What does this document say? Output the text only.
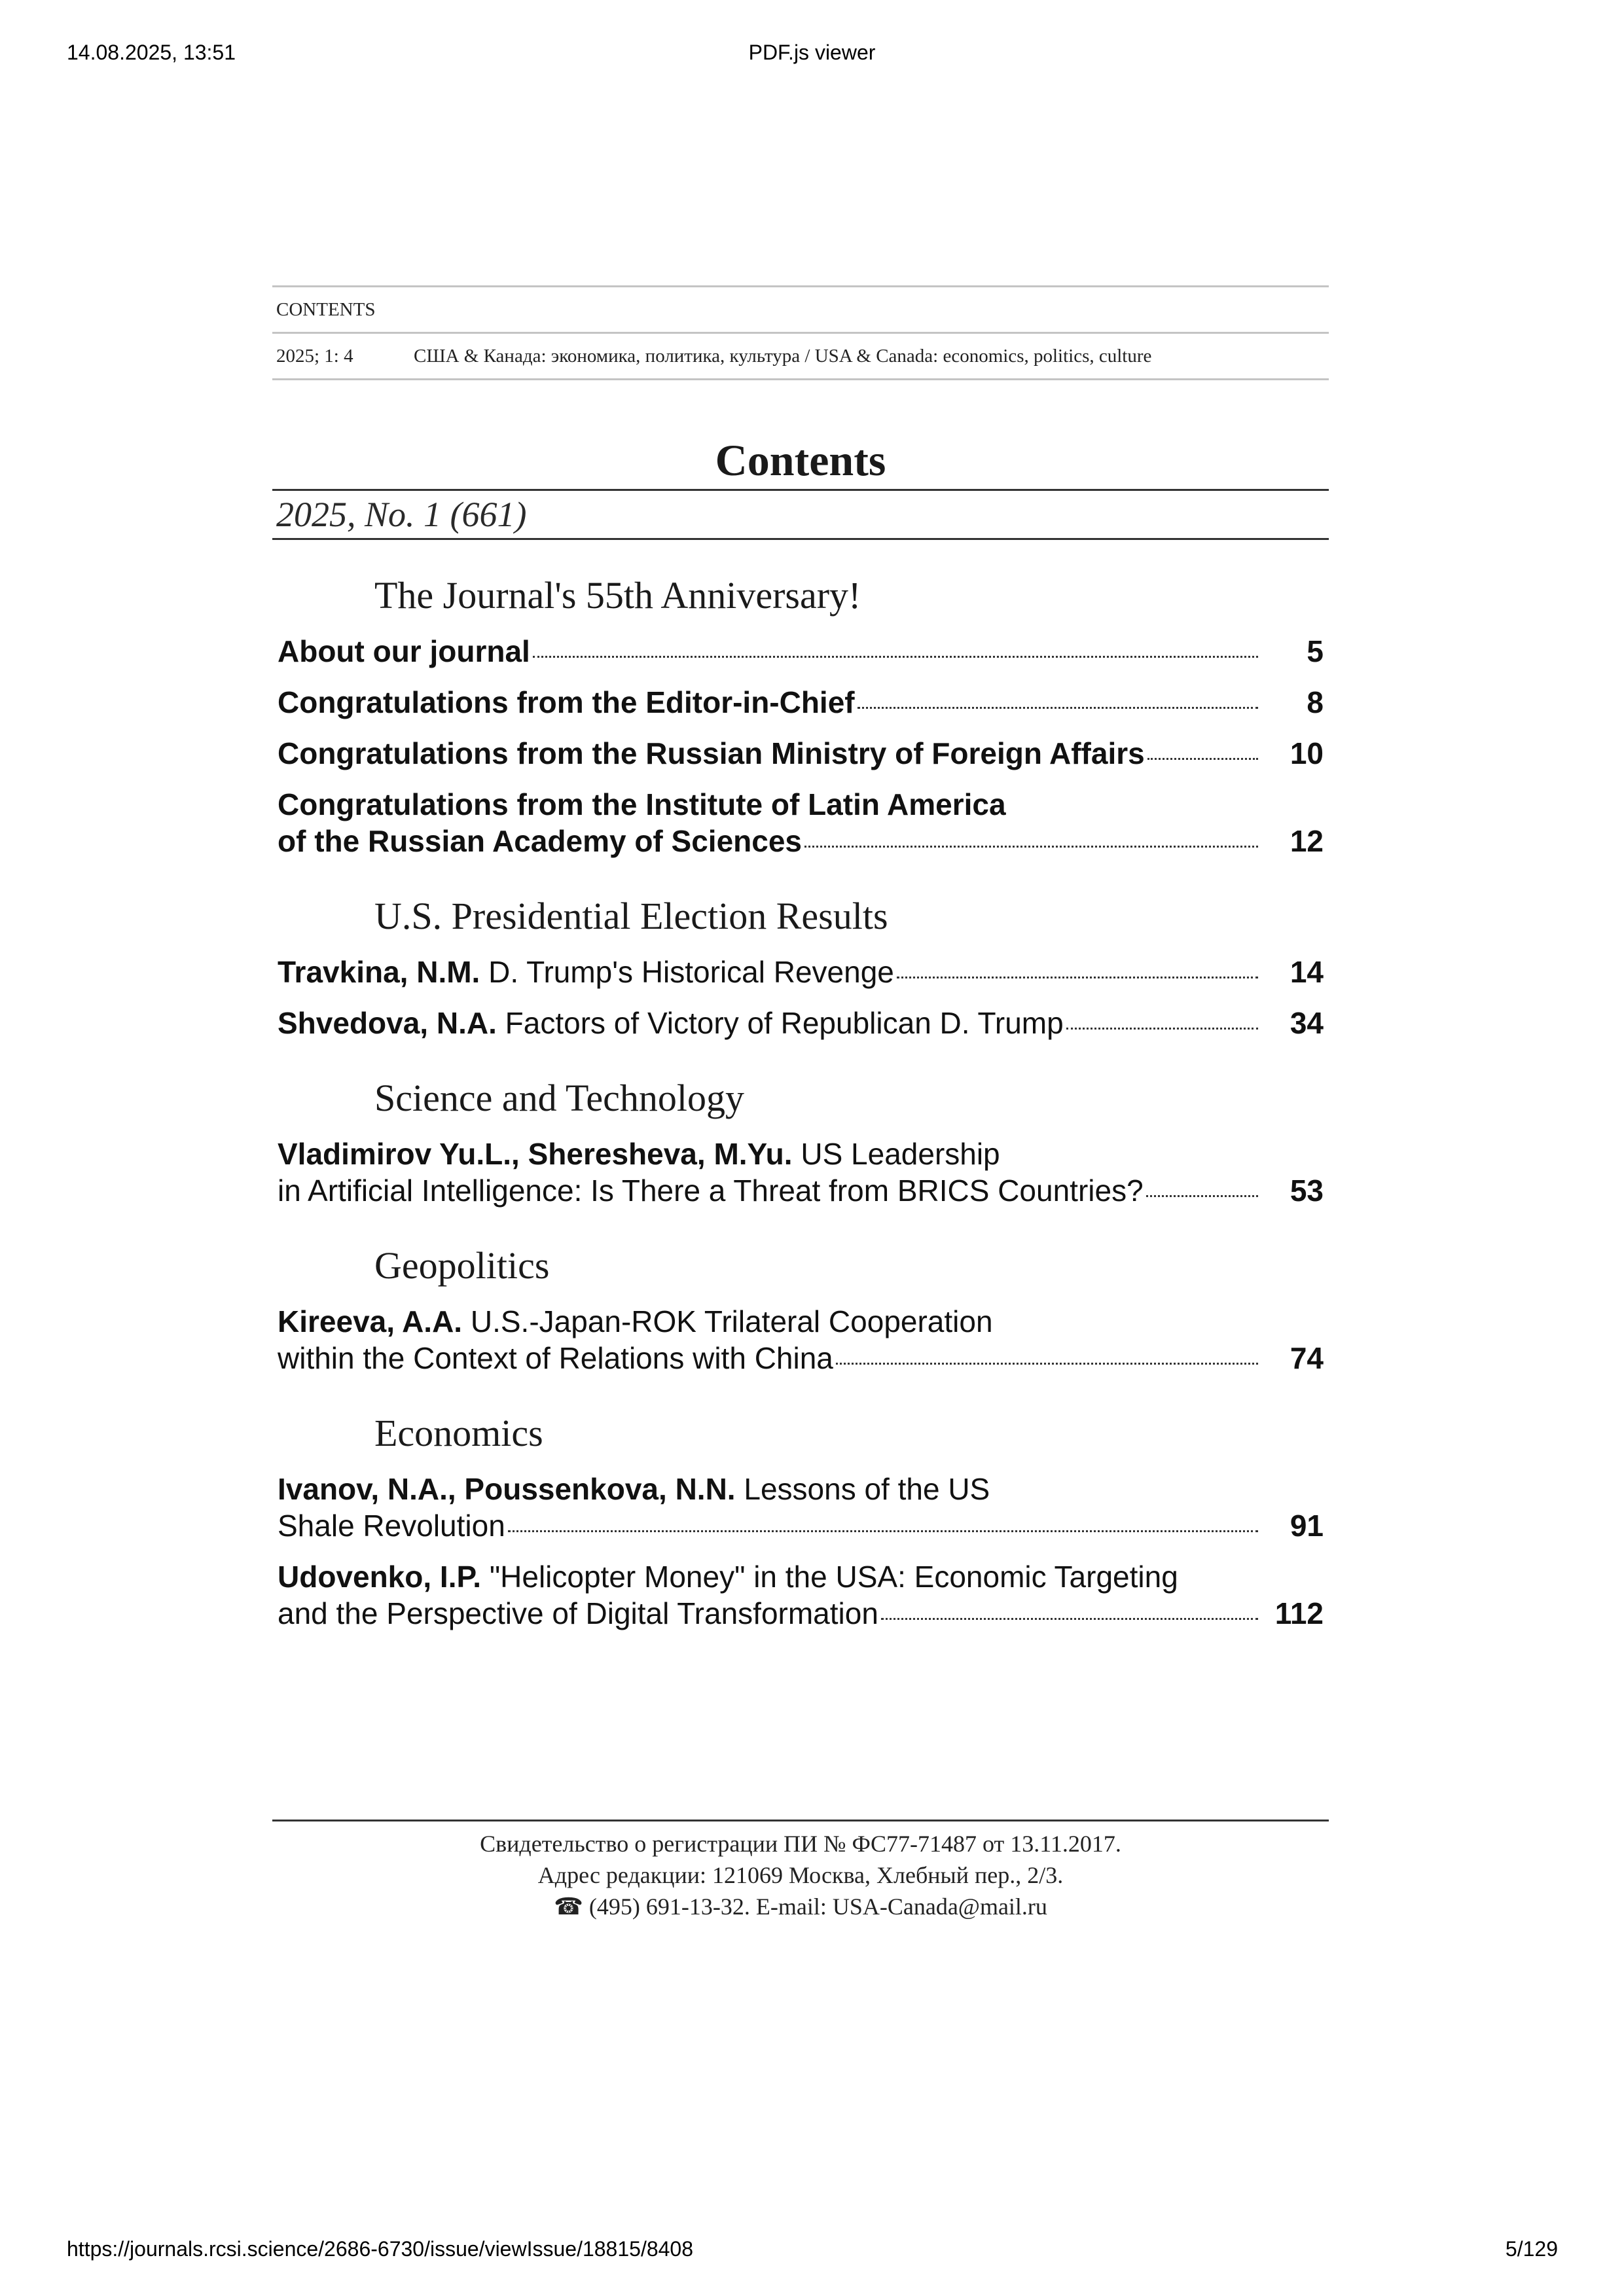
14.08.2025, 13:51	PDF.js viewer
CONTENTS
2025; 1: 4	США & Канада: экономика, политика, культура / USA & Canada: economics, politics, culture
Contents
2025, No. 1 (661)
The Journal's 55th Anniversary!
About our journal	5
Congratulations from the Editor-in-Chief	8
Congratulations from the Russian Ministry of Foreign Affairs	10
Congratulations from the Institute of Latin America
of the Russian Academy of Sciences	12
U.S. Presidential Election Results
Travkina, N.M. D. Trump's Historical Revenge	14
Shvedova, N.A. Factors of Victory of Republican D. Trump	34
Science and Technology
Vladimirov Yu.L., Sheresheva, M.Yu. US Leadership
in Artificial Intelligence: Is There a Threat from BRICS Countries?	53
Geopolitics
Kireeva, A.A. U.S.-Japan-ROK Trilateral Cooperation
within the Context of Relations with China	74
Economics
Ivanov, N.A., Poussenkova, N.N. Lessons of the US
Shale Revolution	91
Udovenko, I.P. "Helicopter Money" in the USA: Economic Targeting
and the Perspective of Digital Transformation	112
Свидетельство о регистрации ПИ № ФС77-71487 от 13.11.2017.
Адрес редакции: 121069 Москва, Хлебный пер., 2/3.
☎ (495) 691-13-32. E-mail: USA-Canada@mail.ru
https://journals.rcsi.science/2686-6730/issue/viewIssue/18815/8408	5/129
